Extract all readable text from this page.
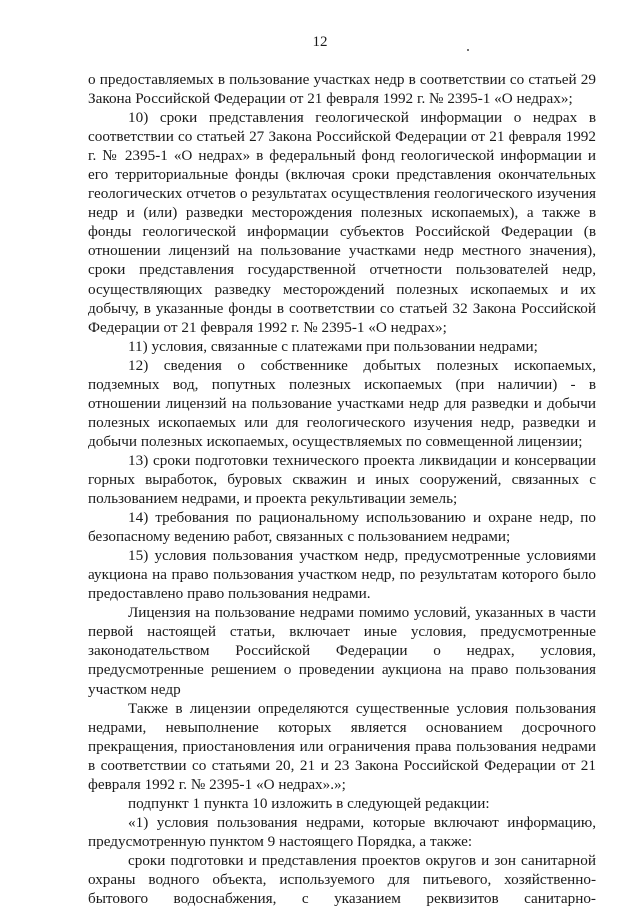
12

о предоставляемых в пользование участках недр в соответствии со статьей 29 Закона Российской Федерации от 21 февраля 1992 г. № 2395-1 «О недрах»;

10) сроки представления геологической информации о недрах в соответствии со статьей 27 Закона Российской Федерации от 21 февраля 1992 г. № 2395-1 «О недрах» в федеральный фонд геологической информации и его территориальные фонды (включая сроки представления окончательных геологических отчетов о результатах осуществления геологического изучения недр и (или) разведки месторождения полезных ископаемых), а также в фонды геологической информации субъектов Российской Федерации (в отношении лицензий на пользование участками недр местного значения), сроки представления государственной отчетности пользователей недр, осуществляющих разведку месторождений полезных ископаемых и их добычу, в указанные фонды в соответствии со статьей 32 Закона Российской Федерации от 21 февраля 1992 г. № 2395-1 «О недрах»;

11) условия, связанные с платежами при пользовании недрами;

12) сведения о собственнике добытых полезных ископаемых, подземных вод, попутных полезных ископаемых (при наличии) - в отношении лицензий на пользование участками недр для разведки и добычи полезных ископаемых или для геологического изучения недр, разведки и добычи полезных ископаемых, осуществляемых по совмещенной лицензии;

13) сроки подготовки технического проекта ликвидации и консервации горных выработок, буровых скважин и иных сооружений, связанных с пользованием недрами, и проекта рекультивации земель;

14) требования по рациональному использованию и охране недр, по безопасному ведению работ, связанных с пользованием недрами;

15) условия пользования участком недр, предусмотренные условиями аукциона на право пользования участком недр, по результатам которого было предоставлено право пользования недрами.

Лицензия на пользование недрами помимо условий, указанных в части первой настоящей статьи, включает иные условия, предусмотренные законодательством Российской Федерации о недрах, условия, предусмотренные решением о проведении аукциона на право пользования участком недр

Также в лицензии определяются существенные условия пользования недрами, невыполнение которых является основанием досрочного прекращения, приостановления или ограничения права пользования недрами в соответствии со статьями 20, 21 и 23 Закона Российской Федерации от 21 февраля 1992 г. № 2395-1 «О недрах».»;

подпункт 1 пункта 10 изложить в следующей редакции:

«1) условия пользования недрами, которые включают информацию, предусмотренную пунктом 9 настоящего Порядка, а также:

сроки подготовки и представления проектов округов и зон санитарной охраны водного объекта, используемого для питьевого, хозяйственно-бытового водоснабжения, с указанием реквизитов санитарно-
